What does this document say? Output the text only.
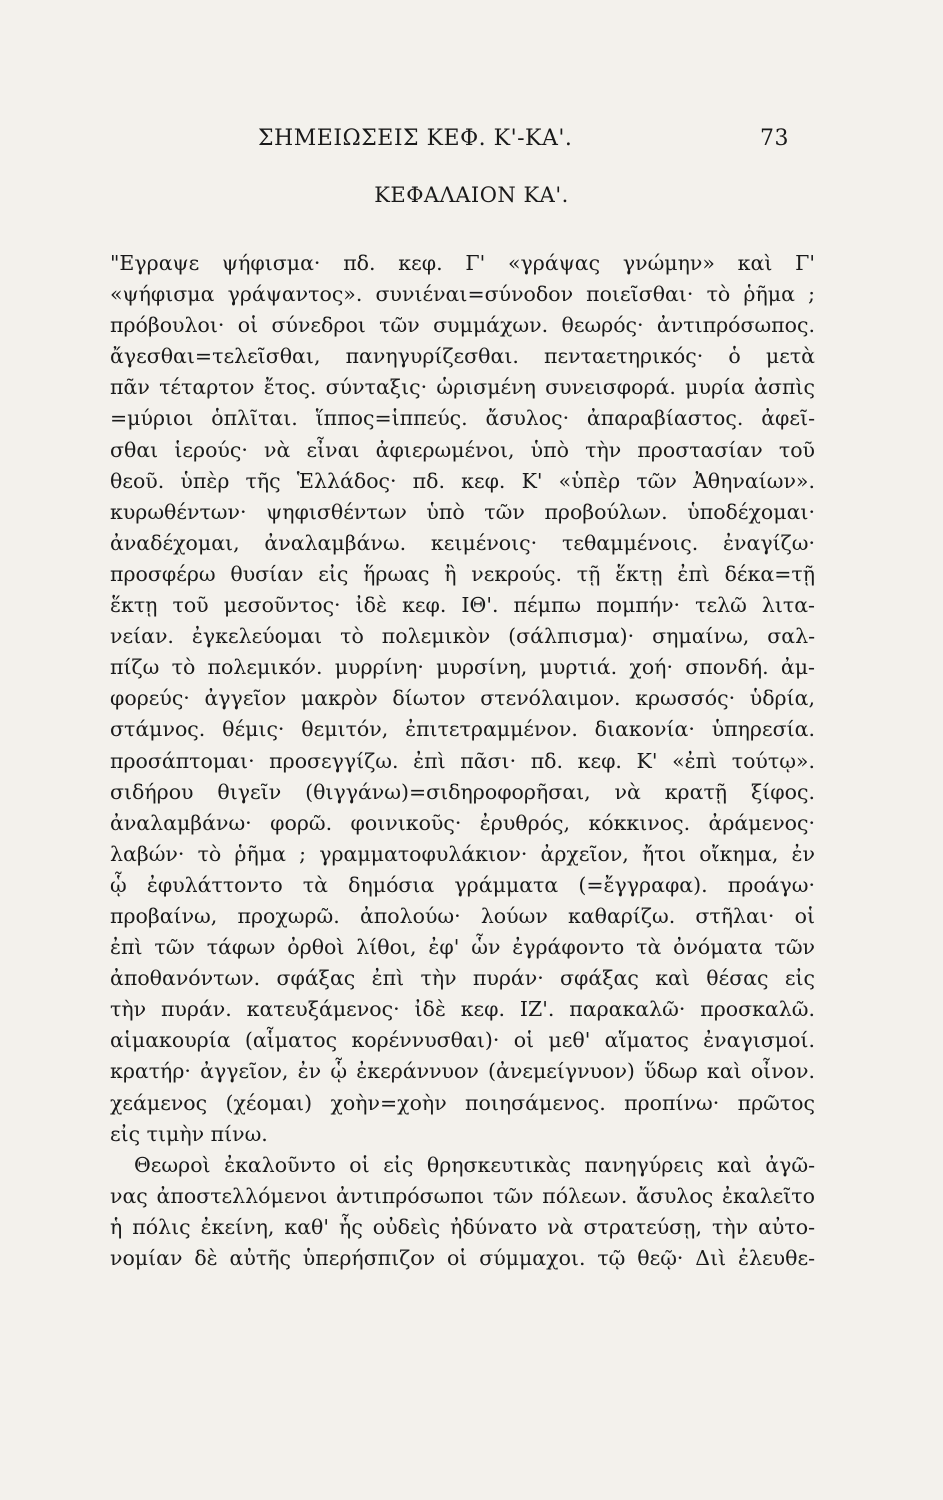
ΣΗΜΕΙΩΣΕΙΣ ΚΕΦ. Κ'-ΚΑ'.	73
ΚΕΦΑΛΑΙΟΝ ΚΑ'.
"Εγραψε ψήφισμα· πδ. κεφ. Γ' «γράψας γνώμην» καὶ Γ'
«ψήφισμα γράψαντος». συνιέναι=σύνοδον ποιεῖσθαι· τὸ ῥῆμα ;
πρόβουλοι· οἱ σύνεδροι τῶν συμμάχων. θεωρός· ἀντιπρόσωπος.
ἄγεσθαι=τελεῖσθαι, πανηγυρίζεσθαι. πενταετηρικός· ὁ μετὰ
πᾶν τέταρτον ἔτος. σύνταξις· ὡρισμένη συνεισφορά. μυρία ἀσπὶς
=μύριοι ὁπλῖται. ἵππος=ἱππεύς. ἄσυλος· ἀπαραβίαστος. ἀφεῖ-
σθαι ἱερούς· νὰ εἶναι ἀφιερωμένοι, ὑπὸ τὴν προστασίαν τοῦ
θεοῦ. ὑπὲρ τῆς Ἑλλάδος· πδ. κεφ. Κ' «ὑπὲρ τῶν Ἀθηναίων».
κυρωθέντων· ψηφισθέντων ὑπὸ τῶν προβούλων. ὑποδέχομαι·
ἀναδέχομαι, ἀναλαμβάνω. κειμένοις· τεθαμμένοις. ἐναγίζω·
προσφέρω θυσίαν εἰς ἥρωας ἢ νεκρούς. τῇ ἕκτῃ ἐπὶ δέκα=τῇ
ἕκτῃ τοῦ μεσοῦντος· ἰδὲ κεφ. ΙΘ'. πέμπω πομπήν· τελῶ λιτα-
νείαν. ἐγκελεύομαι τὸ πολεμικὸν (σάλπισμα)· σημαίνω, σαλ-
πίζω τὸ πολεμικόν. μυρρίνη· μυρσίνη, μυρτιά. χοή· σπονδή. ἀμ-
φορεύς· ἀγγεῖον μακρὸν δίωτον στενόλαιμον. κρωσσός· ὑδρία,
στάμνος. θέμις· θεμιτόν, ἐπιτετραμμένον. διακονία· ὑπηρεσία.
προσάπτομαι· προσεγγίζω. ἐπὶ πᾶσι· πδ. κεφ. Κ' «ἐπὶ τούτῳ».
σιδήρου θιγεῖν (θιγγάνω)=σιδηροφορῆσαι, νὰ κρατῇ ξίφος.
ἀναλαμβάνω· φορῶ. φοινικοῦς· ἐρυθρός, κόκκινος. ἀράμενος·
λαβών· τὸ ῥῆμα ; γραμματοφυλάκιον· ἀρχεῖον, ἤτοι οἴκημα, ἐν
ᾧ ἐφυλάττοντο τὰ δημόσια γράμματα (=ἔγγραφα). προάγω·
προβαίνω, προχωρῶ. ἀπολούω· λούων καθαρίζω. στῆλαι· οἱ
ἐπὶ τῶν τάφων ὀρθοὶ λίθοι, ἐφ' ὧν ἐγράφοντο τὰ ὀνόματα τῶν
ἀποθανόντων. σφάξας ἐπὶ τὴν πυράν· σφάξας καὶ θέσας εἰς
τὴν πυράν. κατευξάμενος· ἰδὲ κεφ. ΙΖ'. παρακαλῶ· προσκαλῶ.
αἱμακουρία (αἷματος κορέννυσθαι)· οἱ μεθ' αἵματος ἐναγισμοί.
κρατήρ· ἀγγεῖον, ἐν ᾧ ἐκεράννυον (ἀνεμείγνυον) ὕδωρ καὶ οἶνον.
χεάμενος (χέομαι) χοὴν=χοὴν ποιησάμενος. προπίνω· πρῶτος
εἰς τιμὴν πίνω.
Θεωροὶ ἐκαλοῦντο οἱ εἰς θρησκευτικὰς πανηγύρεις καὶ ἀγῶ-
νας ἀποστελλόμενοι ἀντιπρόσωποι τῶν πόλεων. ἄσυλος ἐκαλεῖτο
ἡ πόλις ἐκείνη, καθ' ἧς οὐδεὶς ἠδύνατο νὰ στρατεύσῃ, τὴν αὐτο-
νομίαν δὲ αὐτῆς ὑπερήσπιζον οἱ σύμμαχοι. τῷ θεῷ· Διὶ ἐλευθε-
